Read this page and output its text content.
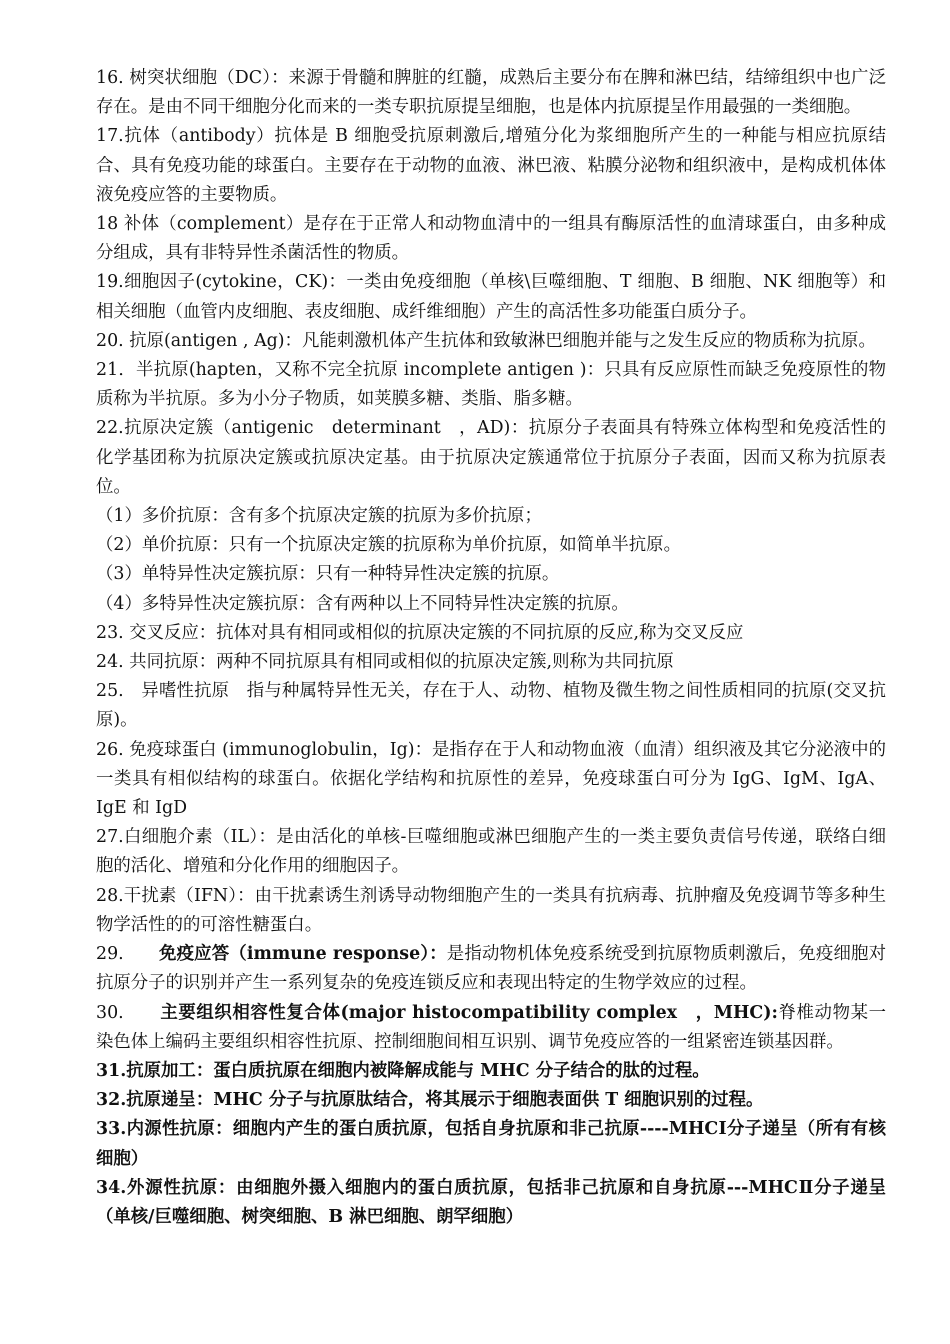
16. 树突状细胞（DC）：来源于骨髓和脾脏的红髓，成熟后主要分布在脾和淋巴结，结缔组织中也广泛存在。是由不同干细胞分化而来的一类专职抗原提呈细胞，也是体内抗原提呈作用最强的一类细胞。

17.抗体（antibody）抗体是 B 细胞受抗原刺激后,增殖分化为浆细胞所产生的一种能与相应抗原结合、具有免疫功能的球蛋白。主要存在于动物的血液、淋巴液、粘膜分泌物和组织液中，是构成机体体液免疫应答的主要物质。

18 补体（complement）是存在于正常人和动物血清中的一组具有酶原活性的血清球蛋白，由多种成分组成，具有非特异性杀菌活性的物质。

19.细胞因子(cytokine，CK)：一类由免疫细胞（单核\巨噬细胞、T 细胞、B 细胞、NK 细胞等）和相关细胞（血管内皮细胞、表皮细胞、成纤维细胞）产生的高活性多功能蛋白质分子。

20. 抗原(antigen , Ag)：凡能刺激机体产生抗体和致敏淋巴细胞并能与之发生反应的物质称为抗原。

21．半抗原(hapten，又称不完全抗原 incomplete antigen )：只具有反应原性而缺乏免疫原性的物质称为半抗原。多为小分子物质，如荚膜多糖、类脂、脂多糖。

22.抗原决定簇（antigenic　determinant　，AD)：抗原分子表面具有特殊立体构型和免疫活性的化学基团称为抗原决定簇或抗原决定基。由于抗原决定簇通常位于抗原分子表面，因而又称为抗原表位。

（1）多价抗原：含有多个抗原决定簇的抗原为多价抗原；

（2）单价抗原：只有一个抗原决定簇的抗原称为单价抗原，如简单半抗原。

（3）单特异性决定簇抗原：只有一种特异性决定簇的抗原。

（4）多特异性决定簇抗原：含有两种以上不同特异性决定簇的抗原。

23. 交叉反应：抗体对具有相同或相似的抗原决定簇的不同抗原的反应,称为交叉反应

24. 共同抗原：两种不同抗原具有相同或相似的抗原决定簇,则称为共同抗原

25.　异嗜性抗原　指与种属特异性无关，存在于人、动物、植物及微生物之间性质相同的抗原(交叉抗原)。

26. 免疫球蛋白 (immunoglobulin，Ig)：是指存在于人和动物血液（血清）组织液及其它分泌液中的一类具有相似结构的球蛋白。依据化学结构和抗原性的差异，免疫球蛋白可分为 IgG、IgM、IgA、IgE 和 IgD

27.白细胞介素（IL）：是由活化的单核-巨噬细胞或淋巴细胞产生的一类主要负责信号传递，联络白细胞的活化、增殖和分化作用的细胞因子。

28.干扰素（IFN）：由干扰素诱生剂诱导动物细胞产生的一类具有抗病毒、抗肿瘤及免疫调节等多种生物学活性的的可溶性糖蛋白。

29.　　免疫应答（immune response）：是指动物机体免疫系统受到抗原物质刺激后，免疫细胞对抗原分子的识别并产生一系列复杂的免疫连锁反应和表现出特定的生物学效应的过程。

30.　　主要组织相容性复合体(major histocompatibility complex　，MHC):脊椎动物某一染色体上编码主要组织相容性抗原、控制细胞间相互识别、调节免疫应答的一组紧密连锁基因群。

31.抗原加工：蛋白质抗原在细胞内被降解成能与 MHC 分子结合的肽的过程。

32.抗原递呈：MHC 分子与抗原肽结合，将其展示于细胞表面供 T 细胞识别的过程。

33.内源性抗原：细胞内产生的蛋白质抗原，包括自身抗原和非己抗原----MHCⅠ分子递呈（所有有核细胞）

34.外源性抗原：由细胞外摄入细胞内的蛋白质抗原，包括非己抗原和自身抗原---MHCⅡ分子递呈（单核/巨噬细胞、树突细胞、B 淋巴细胞、朗罕细胞）
